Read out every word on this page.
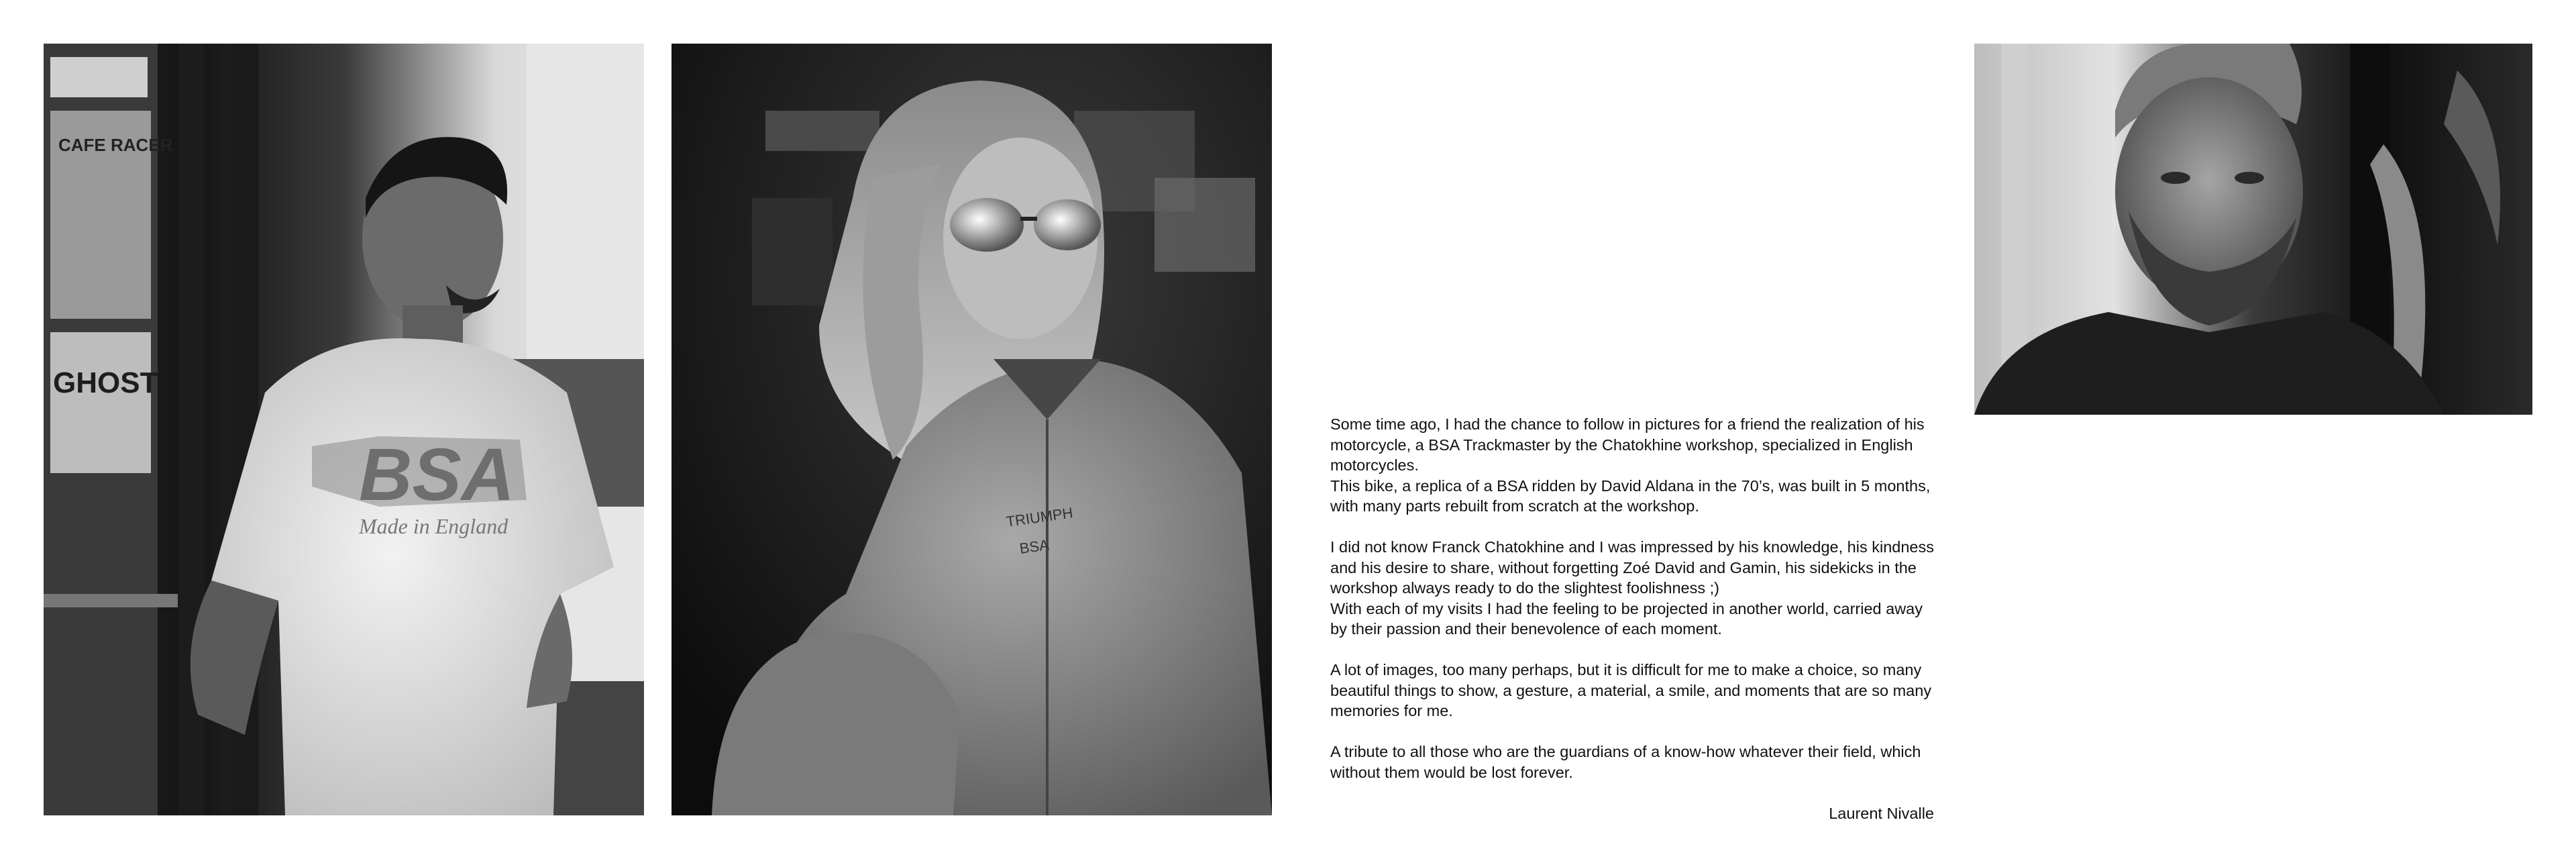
CAFE RACER
GHOST
BSA
Made in England	TRIUMPH
BSA

Some time ago, I had the chance to follow in pictures for a friend the realization of his motorcycle, a BSA Trackmaster by the Chatokhine workshop, specialized in English motorcycles.
This bike, a replica of a BSA ridden by David Aldana in the 70’s, was built in 5 months, with many parts rebuilt from scratch at the workshop.

I did not know Franck Chatokhine and I was impressed by his knowledge, his kindness and his desire to share, without forgetting Zoé David and Gamin, his sidekicks in the workshop always ready to do the slightest foolishness ;)
With each of my visits I had the feeling to be projected in another world, carried away by their passion and their benevolence of each moment.

A lot of images, too many perhaps, but it is difficult for me to make a choice, so many beautiful things to show, a gesture, a material, a smile, and moments that are so many memories for me.

A tribute to all those who are the guardians of a know-how whatever their field, which without them would be lost forever.

Laurent Nivalle
